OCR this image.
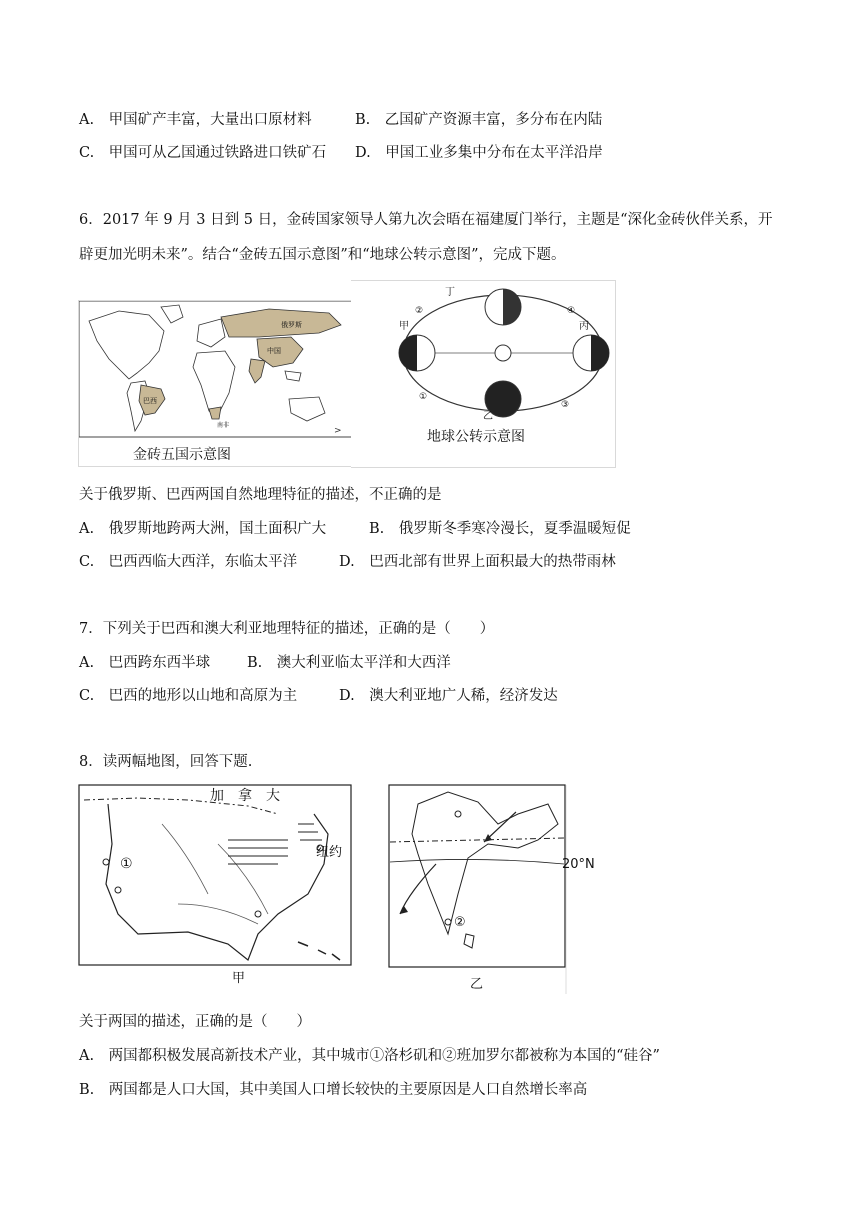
A.　甲国矿产丰富，大量出口原材料	B.　乙国矿产资源丰富，多分布在内陆
C.　甲国可从乙国通过铁路进口铁矿石 D.　甲国工业多集中分布在太平洋沿岸
6．2017 年 9 月 3 日到 5 日，金砖国家领导人第九次会晤在福建厦门举行，主题是“深化金砖伙伴关系，开
辟更加光明未来”。结合“金砖五国示意图”和“地球公转示意图”，完成下题。
俄罗斯
中国
巴西
南非
>
金砖五国示意图
丁
甲	丙
乙
①
②
③
④
地球公转示意图
关于俄罗斯、巴西两国自然地理特征的描述，不正确的是
A.　俄罗斯地跨两大洲，国土面积广大	B.　俄罗斯冬季寒冷漫长，夏季温暖短促
C.　巴西西临大西洋，东临太平洋	D.　巴西北部有世界上面积最大的热带雨林
7．下列关于巴西和澳大利亚地理特征的描述，正确的是（　　）
A.　巴西跨东西半球	B.　澳大利亚临太平洋和大西洋
C.　巴西的地形以山地和高原为主	D.　澳大利亚地广人稀，经济发达
8．读两幅地图，回答下题.
加　拿　大
①
纽约
甲
20°N
②
乙
关于两国的描述，正确的是（　　）
A.　两国都积极发展高新技术产业，其中城市①洛杉矶和②班加罗尔都被称为本国的“硅谷”
B.　两国都是人口大国，其中美国人口增长较快的主要原因是人口自然增长率高
